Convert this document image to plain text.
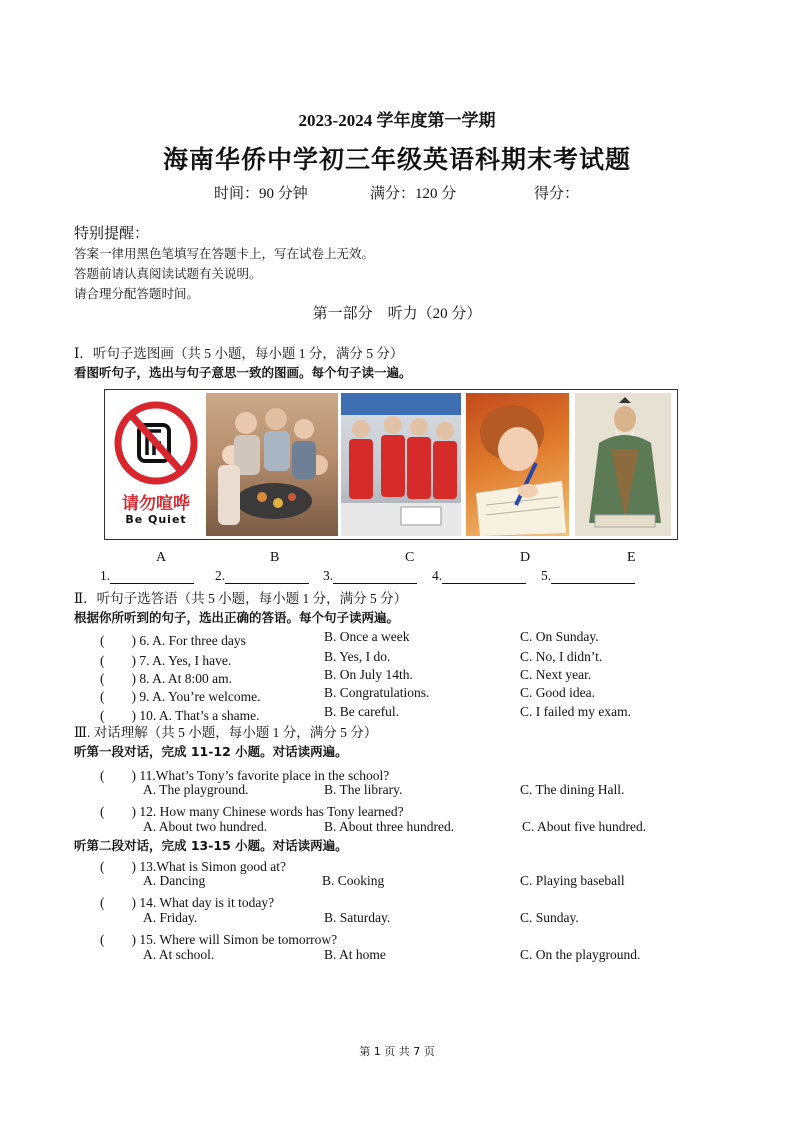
2023-2024 学年度第一学期
海南华侨中学初三年级英语科期末考试题
时间：90 分钟	满分：120 分	得分：
特别提醒：
答案一律用黑色笔填写在答题卡上，写在试卷上无效。
答题前请认真阅读试题有关说明。
请合理分配答题时间。
第一部分　听力（20 分）
Ⅰ．听句子选图画（共 5 小题，每小题 1 分，满分 5 分）
看图听句子，选出与句子意思一致的图画。每个句子读一遍。
请勿喧哗
Be Quiet
A	B	C	D	E
1.	2.	3.	4.	5.
Ⅱ．听句子选答语（共 5 小题，每小题 1 分，满分 5 分）
根据你所听到的句子，选出正确的答语。每个句子读两遍。
(　　) 6. A. For three days	B. Once a week	C. On Sunday.
(　　) 7. A. Yes, I have.	B. Yes, I do.	C. No, I didn’t.
(　　) 8. A. At 8:00 am.	B. On July 14th.	C. Next year.
(　　) 9. A. You’re welcome.	B. Congratulations.	C. Good idea.
(　　) 10. A. That’s a shame.	B. Be careful.	C. I failed my exam.
Ⅲ. 对话理解（共 5 小题，每小题 1 分，满分 5 分）
听第一段对话，完成 11-12 小题。对话读两遍。
(　　) 11.What’s Tony’s favorite place in the school?
A. The playground.	B. The library.	C. The dining Hall.
(　　) 12. How many Chinese words has Tony learned?
A. About two hundred.	B. About three hundred.	C. About five hundred.
听第二段对话，完成 13-15 小题。对话读两遍。
(　　) 13.What is Simon good at?
A. Dancing	B. Cooking	C. Playing baseball
(　　) 14. What day is it today?
A. Friday.	B. Saturday.	C. Sunday.
(　　) 15. Where will Simon be tomorrow?
A. At school.	B. At home	C. On the playground.
第 1 页 共 7 页
